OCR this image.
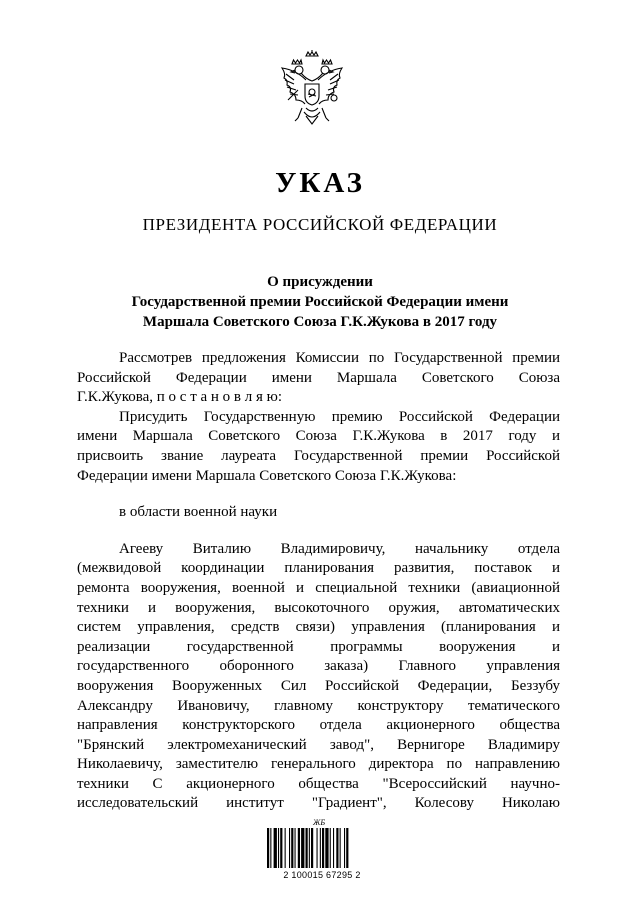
УКАЗ
ПРЕЗИДЕНТА РОССИЙСКОЙ ФЕДЕРАЦИИ
О присуждении
Государственной премии Российской Федерации имени
Маршала Советского Союза Г.К.Жукова в 2017 году
Рассмотрев предложения Комиссии по Государственной премии
Российской Федерации имени Маршала Советского Союза
Г.К.Жукова, п о с т а н о в л я ю:
Присудить Государственную премию Российской Федерации
имени Маршала Советского Союза Г.К.Жукова в 2017 году и
присвоить звание лауреата Государственной премии Российской
Федерации имени Маршала Советского Союза Г.К.Жукова:
в области военной науки
Агееву Виталию Владимировичу, начальнику отдела
(межвидовой координации планирования развития, поставок и
ремонта вооружения, военной и специальной техники (авиационной
техники и вооружения, высокоточного оружия, автоматических
систем управления, средств связи) управления (планирования и
реализации государственной программы вооружения и
государственного оборонного заказа) Главного управления
вооружения Вооруженных Сил Российской Федерации, Беззубу
Александру Ивановичу, главному конструктору тематического
направления конструкторского отдела акционерного общества
"Брянский электромеханический завод", Вернигоре Владимиру
Николаевичу, заместителю генерального директора по направлению
техники С акционерного общества "Всероссийский научно-
исследовательский институт "Градиент", Колесову Николаю
ЖБ
2 100015 67295 2
